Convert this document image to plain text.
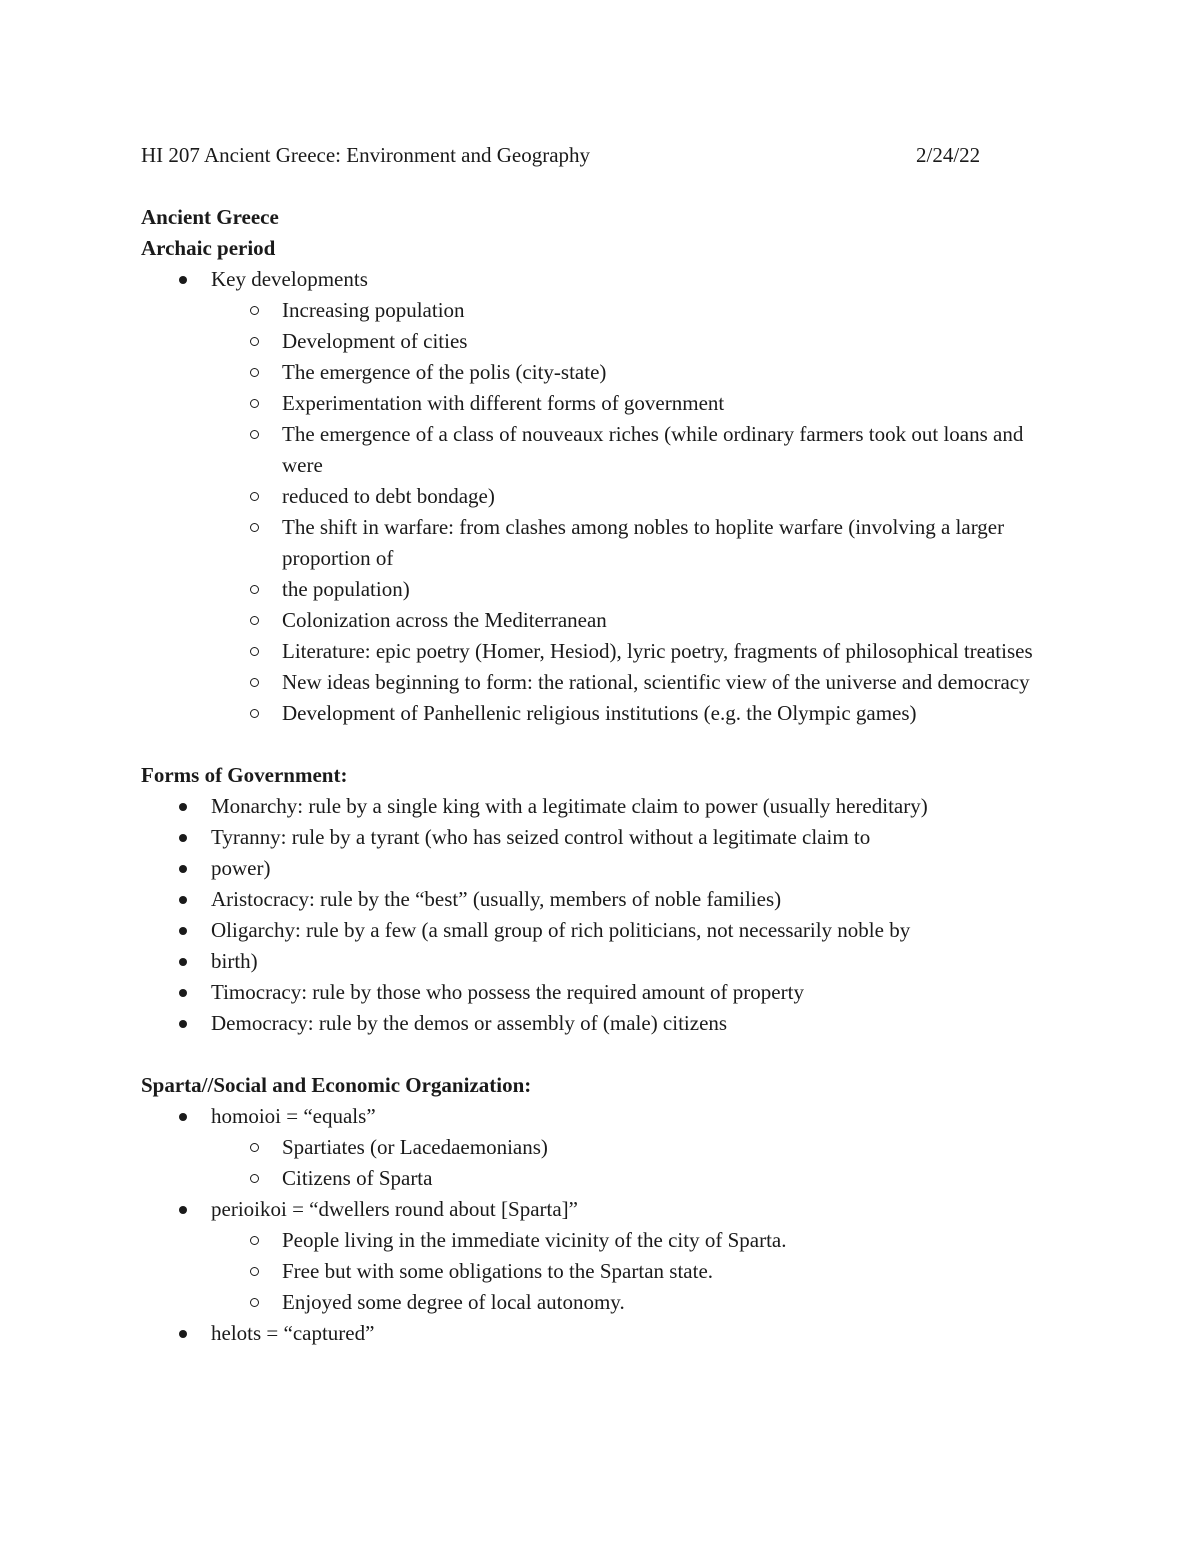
HI 207 Ancient Greece: Environment and Geography	2/24/22
Ancient Greece
Archaic period
Key developments
Increasing population
Development of cities
The emergence of the polis (city-state)
Experimentation with different forms of government
The emergence of a class of nouveaux riches (while ordinary farmers took out loans and were
reduced to debt bondage)
The shift in warfare: from clashes among nobles to hoplite warfare (involving a larger proportion of
the population)
Colonization across the Mediterranean
Literature: epic poetry (Homer, Hesiod), lyric poetry, fragments of philosophical treatises
New ideas beginning to form: the rational, scientific view of the universe and democracy
Development of Panhellenic religious institutions (e.g. the Olympic games)
Forms of Government:
Monarchy: rule by a single king with a legitimate claim to power (usually hereditary)
Tyranny: rule by a tyrant (who has seized control without a legitimate claim to
power)
Aristocracy: rule by the “best” (usually, members of noble families)
Oligarchy: rule by a few (a small group of rich politicians, not necessarily noble by
birth)
Timocracy: rule by those who possess the required amount of property
Democracy: rule by the demos or assembly of (male) citizens
Sparta//Social and Economic Organization:
homoioi = “equals”
Spartiates (or Lacedaemonians)
Citizens of Sparta
perioikoi = “dwellers round about [Sparta]”
People living in the immediate vicinity of the city of Sparta.
Free but with some obligations to the Spartan state.
Enjoyed some degree of local autonomy.
helots = “captured”
